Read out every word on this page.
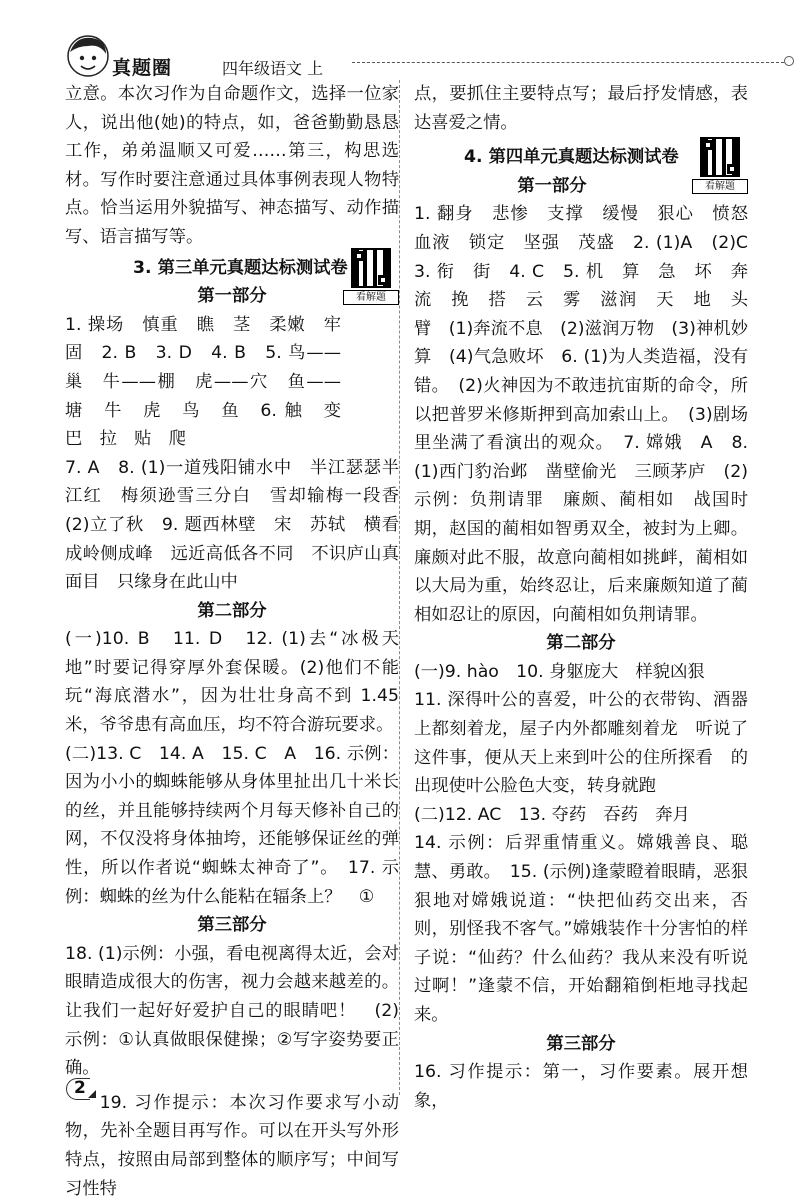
真题圈	四年级语文 上

立意。本次习作为自命题作文，选择一位家人，说出他(她)的特点，如，爸爸勤勤恳恳工作，弟弟温顺又可爱……第三，构思选材。写作时要注意通过具体事例表现人物特点。恰当运用外貌描写、神态描写、动作描写、语言描写等。

3. 第三单元真题达标测试卷
看解题

第一部分

1. 操场　慎重　瞧　茎　柔嫩　牢固　2. B　3. D　4. B　5. 鸟——巢　牛——棚　虎——穴　鱼——塘　牛　虎　鸟　鱼　6. 触　变　巴　拉　贴　爬

7. A　8. (1)一道残阳铺水中　半江瑟瑟半江红　梅须逊雪三分白　雪却输梅一段香　(2)立了秋　9. 题西林壁　宋　苏轼　横看成岭侧成峰　远近高低各不同　不识庐山真面目　只缘身在此山中

第二部分

(一)10. B　11. D　12. (1)去“冰极天地”时要记得穿厚外套保暖。(2)他们不能玩“海底潜水”，因为壮壮身高不到 1.45 米，爷爷患有高血压，均不符合游玩要求。

(二)13. C　14. A　15. C　A　16. 示例：因为小小的蜘蛛能够从身体里扯出几十米长的丝，并且能够持续两个月每天修补自己的网，不仅没将身体抽垮，还能够保证丝的弹性，所以作者说“蜘蛛太神奇了”。　17. 示例：蜘蛛的丝为什么能粘在辐条上？　①

第三部分

18. (1)示例：小强，看电视离得太近，会对眼睛造成很大的伤害，视力会越来越差的。让我们一起好好爱护自己的眼睛吧！　(2)示例：①认真做眼保健操；②写字姿势要正确。

19. 习作提示：本次习作要求写小动物，先补全题目再写作。可以在开头写外形特点，按照由局部到整体的顺序写；中间写习性特

点，要抓住主要特点写；最后抒发情感，表达喜爱之情。

4. 第四单元真题达标测试卷
看解题

第一部分

1. 翻身　悲惨　支撑　缓慢　狠心　愤怒　血液　锁定　坚强　茂盛　2. (1)A　(2)C　3. 衔　街　4. C　5. 机　算　急　坏　奔流　挽　搭　云　雾　滋润　天　地　头　臂　(1)奔流不息　(2)滋润万物　(3)神机妙算　(4)气急败坏　6. (1)为人类造福，没有错。　(2)火神因为不敢违抗宙斯的命令，所以把普罗米修斯押到高加索山上。　(3)剧场里坐满了看演出的观众。　7. 嫦娥　A　8. (1)西门豹治邺　凿壁偷光　三顾茅庐　(2)示例：负荆请罪　廉颇、蔺相如　战国时期，赵国的蔺相如智勇双全，被封为上卿。廉颇对此不服，故意向蔺相如挑衅，蔺相如以大局为重，始终忍让，后来廉颇知道了蔺相如忍让的原因，向蔺相如负荆请罪。

第二部分

(一)9. hào　10. 身躯庞大　样貌凶狠

11. 深得叶公的喜爱，叶公的衣带钩、酒器上都刻着龙，屋子内外都雕刻着龙　听说了这件事，便从天上来到叶公的住所探看　的出现使叶公脸色大变，转身就跑

(二)12. AC　13. 夺药　吞药　奔月

14. 示例：后羿重情重义。嫦娥善良、聪慧、勇敢。　15. (示例)逢蒙瞪着眼睛，恶狠狠地对嫦娥说道：“快把仙药交出来，否则，别怪我不客气。”嫦娥装作十分害怕的样子说：“仙药？什么仙药？我从来没有听说过啊！”逢蒙不信，开始翻箱倒柜地寻找起来。

第三部分

16. 习作提示：第一，习作要素。展开想象，

2
